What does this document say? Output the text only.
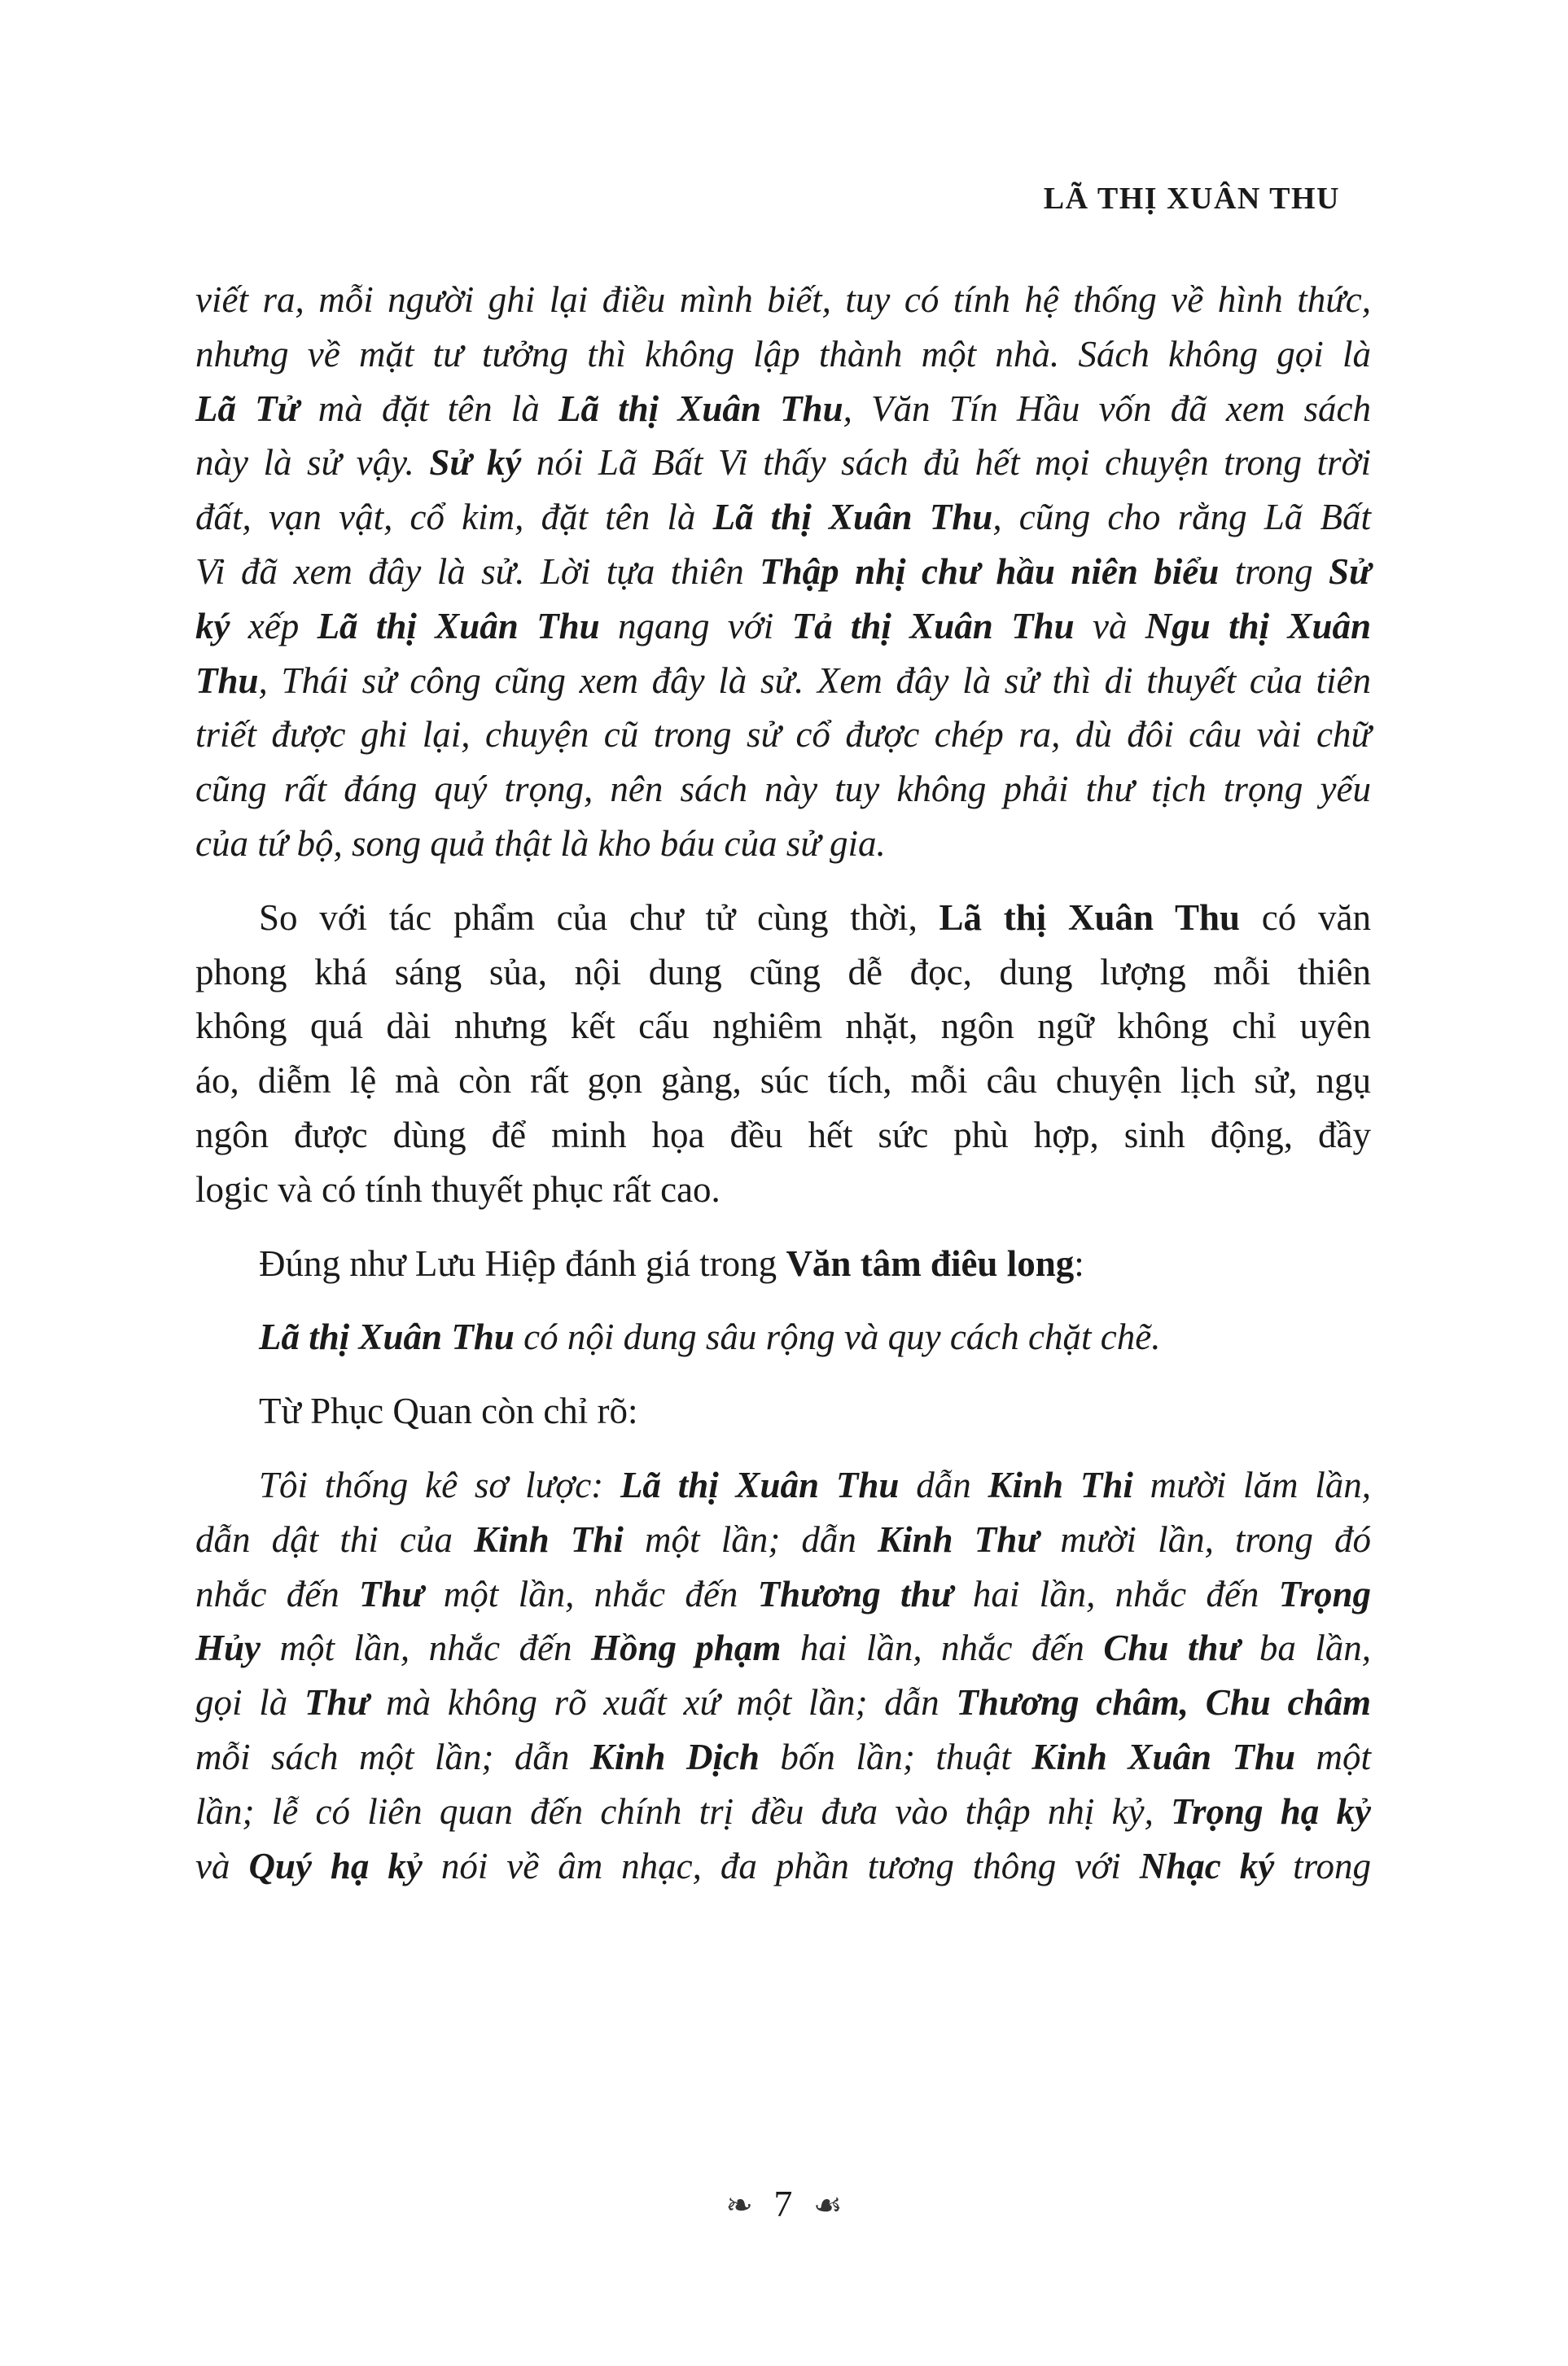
LÃ THỊ XUÂN THU

viết ra, mỗi người ghi lại điều mình biết, tuy có tính hệ thống về hình thức,
nhưng về mặt tư tưởng thì không lập thành một nhà. Sách không gọi là
Lã Tử mà đặt tên là Lã thị Xuân Thu, Văn Tín Hầu vốn đã xem sách
này là sử vậy. Sử ký nói Lã Bất Vi thấy sách đủ hết mọi chuyện trong trời
đất, vạn vật, cổ kim, đặt tên là Lã thị Xuân Thu, cũng cho rằng Lã Bất
Vi đã xem đây là sử. Lời tựa thiên Thập nhị chư hầu niên biểu trong Sử
ký xếp Lã thị Xuân Thu ngang với Tả thị Xuân Thu và Ngu thị Xuân
Thu, Thái sử công cũng xem đây là sử. Xem đây là sử thì di thuyết của tiên
triết được ghi lại, chuyện cũ trong sử cổ được chép ra, dù đôi câu vài chữ
cũng rất đáng quý trọng, nên sách này tuy không phải thư tịch trọng yếu
của tứ bộ, song quả thật là kho báu của sử gia.

So với tác phẩm của chư tử cùng thời, Lã thị Xuân Thu có văn
phong khá sáng sủa, nội dung cũng dễ đọc, dung lượng mỗi thiên
không quá dài nhưng kết cấu nghiêm nhặt, ngôn ngữ không chỉ uyên
áo, diễm lệ mà còn rất gọn gàng, súc tích, mỗi câu chuyện lịch sử, ngụ
ngôn được dùng để minh họa đều hết sức phù hợp, sinh động, đầy
logic và có tính thuyết phục rất cao.

Đúng như Lưu Hiệp đánh giá trong Văn tâm điêu long:

Lã thị Xuân Thu có nội dung sâu rộng và quy cách chặt chẽ.

Từ Phục Quan còn chỉ rõ:

Tôi thống kê sơ lược: Lã thị Xuân Thu dẫn Kinh Thi mười lăm lần,
dẫn dật thi của Kinh Thi một lần; dẫn Kinh Thư mười lần, trong đó
nhắc đến Thư một lần, nhắc đến Thương thư hai lần, nhắc đến Trọng
Hủy một lần, nhắc đến Hồng phạm hai lần, nhắc đến Chu thư ba lần,
gọi là Thư mà không rõ xuất xứ một lần; dẫn Thương châm, Chu châm
mỗi sách một lần; dẫn Kinh Dịch bốn lần; thuật Kinh Xuân Thu một
lần; lễ có liên quan đến chính trị đều đưa vào thập nhị kỷ, Trọng hạ kỷ
và Quý hạ kỷ nói về âm nhạc, đa phần tương thông với Nhạc ký trong

❧ 7 ☙
